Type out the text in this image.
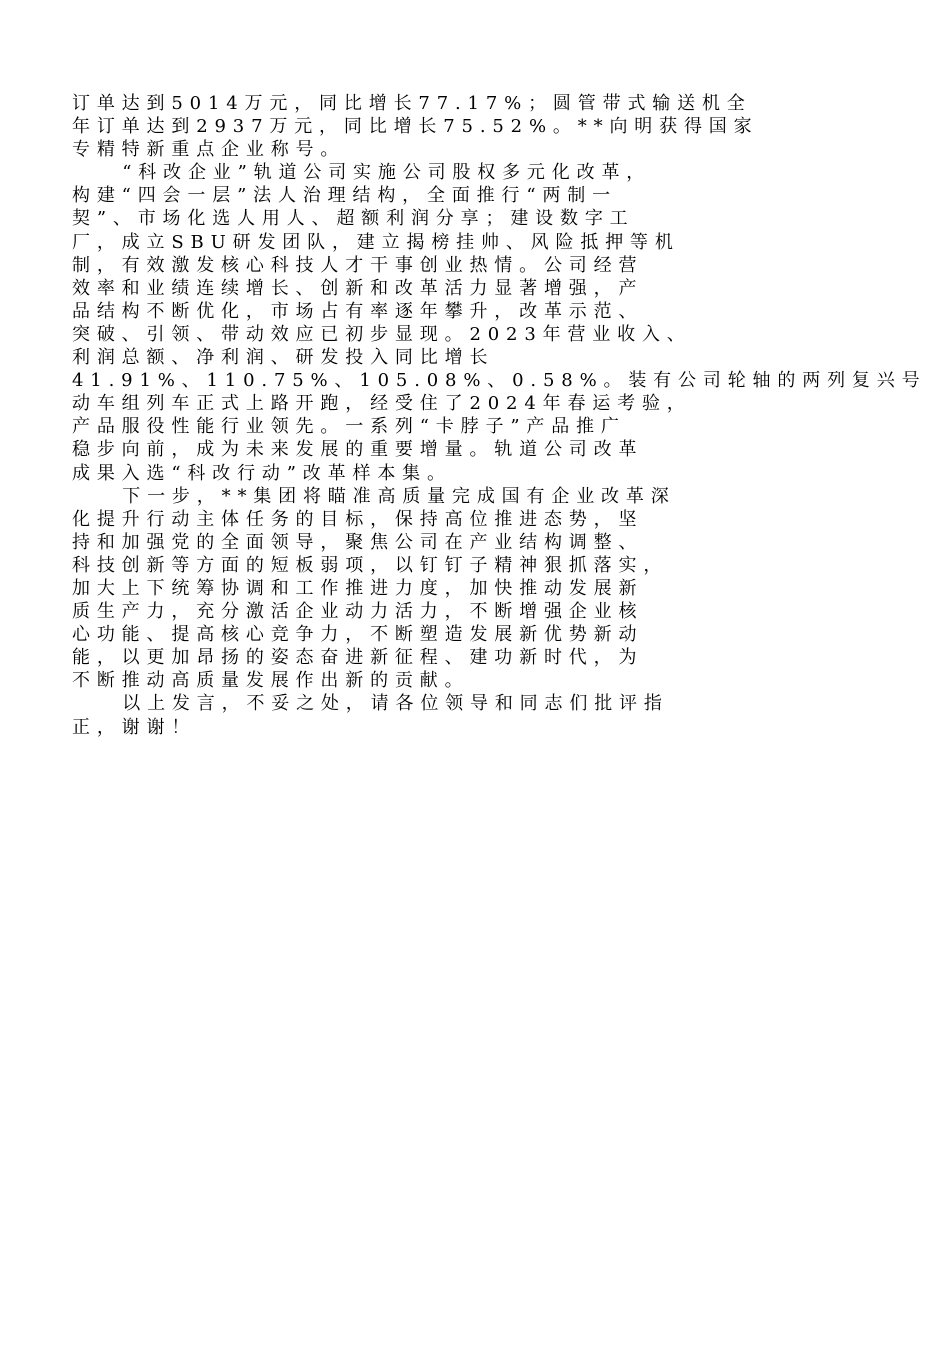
订单达到5014万元，同比增长77.17%；圆管带式输送机全
年订单达到2937万元，同比增长75.52%。**向明获得国家
专精特新重点企业称号。
“科改企业”轨道公司实施公司股权多元化改革，
构建“四会一层”法人治理结构，全面推行“两制一
契”、市场化选人用人、超额利润分享；建设数字工
厂，成立SBU研发团队，建立揭榜挂帅、风险抵押等机
制，有效激发核心科技人才干事创业热情。公司经营
效率和业绩连续增长、创新和改革活力显著增强，产
品结构不断优化，市场占有率逐年攀升，改革示范、
突破、引领、带动效应已初步显现。2023年营业收入、
利润总额、净利润、研发投入同比增长
41.91%、110.75%、105.08%、0.58%。装有公司轮轴的两列复兴号
动车组列车正式上路开跑，经受住了2024年春运考验，
产品服役性能行业领先。一系列“卡脖子”产品推广
稳步向前，成为未来发展的重要增量。轨道公司改革
成果入选“科改行动”改革样本集。
下一步，**集团将瞄准高质量完成国有企业改革深
化提升行动主体任务的目标，保持高位推进态势，坚
持和加强党的全面领导，聚焦公司在产业结构调整、
科技创新等方面的短板弱项，以钉钉子精神狠抓落实，
加大上下统筹协调和工作推进力度，加快推动发展新
质生产力，充分激活企业动力活力，不断增强企业核
心功能、提高核心竞争力，不断塑造发展新优势新动
能，以更加昂扬的姿态奋进新征程、建功新时代，为
不断推动高质量发展作出新的贡献。
以上发言，不妥之处，请各位领导和同志们批评指
正，谢谢！
